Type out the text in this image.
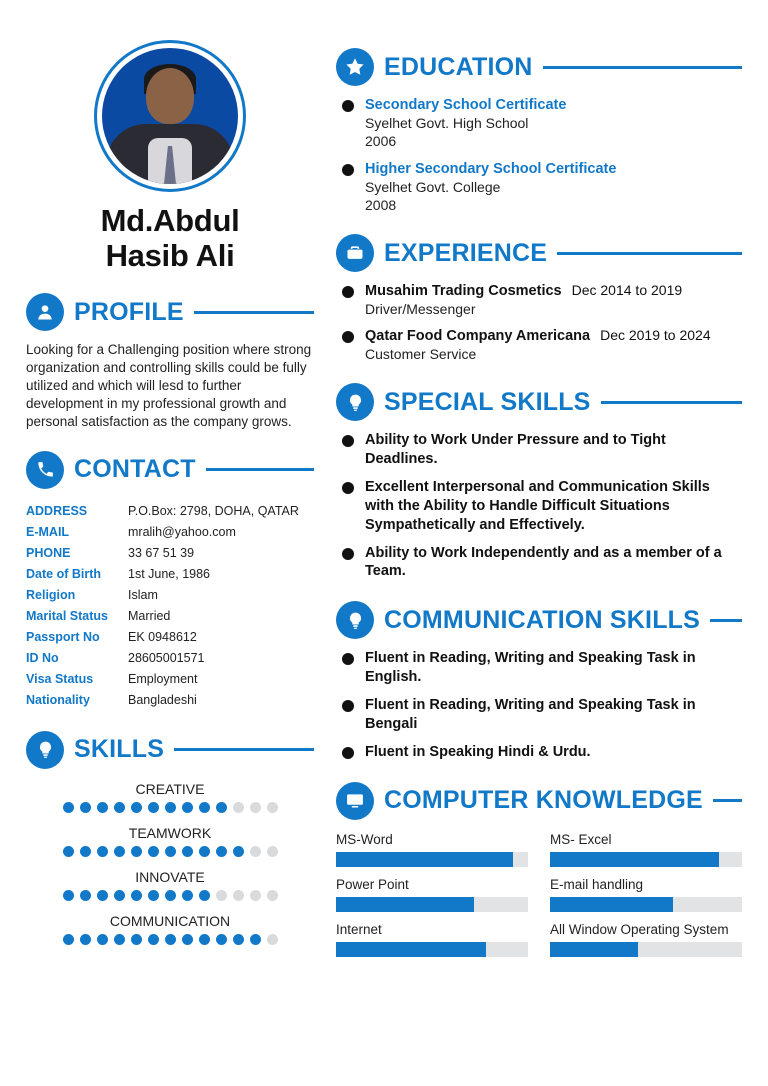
Md.Abdul
Hasib Ali
PROFILE
Looking for a Challenging position where strong organization and controlling skills could be fully utilized and which will lesd to further development in my professional growth and personal satisfaction as the company grows.
CONTACT
ADDRESS	P.O.Box: 2798, DOHA, QATAR
E-MAIL	mralih@yahoo.com
PHONE	33 67 51 39
Date of Birth	1st June, 1986
Religion	Islam
Marital Status	Married
Passport No	EK 0948612
ID No	28605001571
Visa Status	Employment
Nationality	Bangladeshi
SKILLS
CREATIVE
TEAMWORK
INNOVATE
COMMUNICATION
EDUCATION
Secondary School Certificate
Syelhet Govt. High School
2006
Higher Secondary School Certificate
Syelhet Govt. College
2008
EXPERIENCE
Musahim Trading Cosmetics Dec 2014 to 2019
Driver/Messenger
Qatar Food Company Americana Dec 2019 to 2024
Customer Service
SPECIAL SKILLS
Ability to Work Under Pressure and to Tight Deadlines.
Excellent Interpersonal and Communication Skills with the Ability to Handle Difficult Situations Sympathetically and Effectively.
Ability to Work Independently and as a member of a Team.
COMMUNICATION SKILLS
Fluent in Reading, Writing and Speaking Task in English.
Fluent in Reading, Writing and Speaking Task in Bengali
Fluent in Speaking Hindi & Urdu.
COMPUTER KNOWLEDGE
MS-Word	MS- Excel
Power Point	E-mail handling
Internet	All Window Operating System
